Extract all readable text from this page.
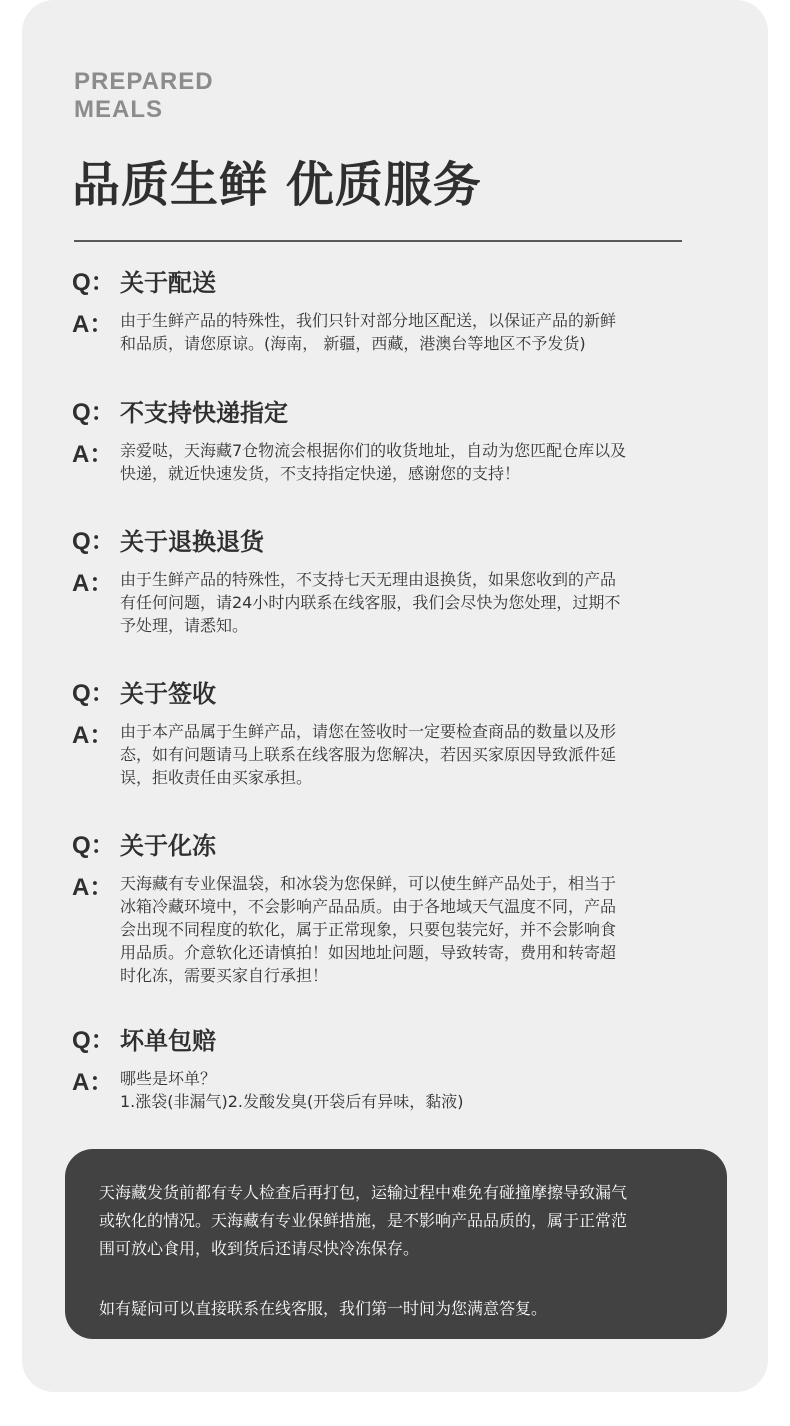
PREPARED
MEALS
品质生鲜 优质服务
Q： 关于配送
A： 由于生鲜产品的特殊性，我们只针对部分地区配送，以保证产品的新鲜
和品质，请您原谅。(海南， 新疆，西藏，港澳台等地区不予发货)
Q： 不支持快递指定
A： 亲爱哒，天海藏7仓物流会根据你们的收货地址，自动为您匹配仓库以及
快递，就近快速发货，不支持指定快递，感谢您的支持！
Q： 关于退换退货
A： 由于生鲜产品的特殊性，不支持七天无理由退换货，如果您收到的产品
有任何问题，请24小时内联系在线客服，我们会尽快为您处理，过期不
予处理，请悉知。
Q： 关于签收
A： 由于本产品属于生鲜产品，请您在签收时一定要检查商品的数量以及形
态，如有问题请马上联系在线客服为您解决，若因买家原因导致派件延
误，拒收责任由买家承担。
Q： 关于化冻
A： 天海藏有专业保温袋，和冰袋为您保鲜，可以使生鲜产品处于，相当于
冰箱冷藏环境中，不会影响产品品质。由于各地域天气温度不同，产品
会出现不同程度的软化，属于正常现象，只要包装完好，并不会影响食
用品质。介意软化还请慎拍！如因地址问题，导致转寄，费用和转寄超
时化冻，需要买家自行承担！
Q： 坏单包赔
A： 哪些是坏单？
1.涨袋(非漏气)2.发酸发臭(开袋后有异味，黏液)
天海藏发货前都有专人检查后再打包，运输过程中难免有碰撞摩擦导致漏气
或软化的情况。天海藏有专业保鲜措施，是不影响产品品质的，属于正常范
围可放心食用，收到货后还请尽快冷冻保存。
如有疑问可以直接联系在线客服，我们第一时间为您满意答复。
